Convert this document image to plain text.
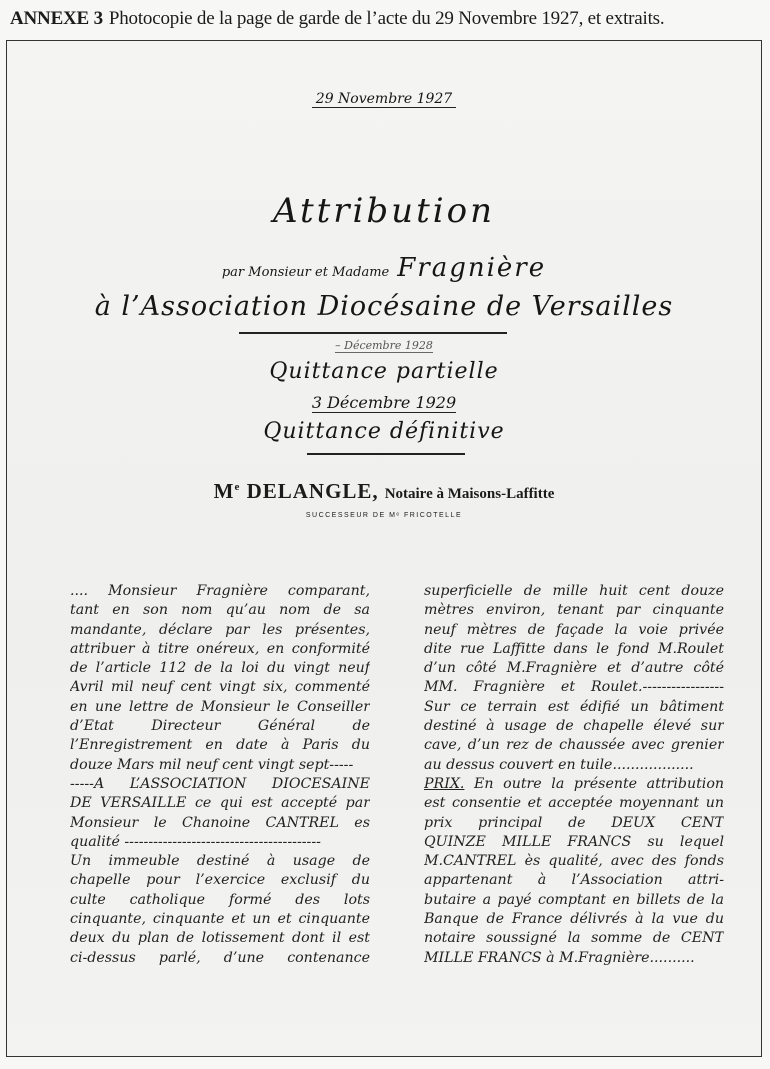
ANNEXE 3 Photocopie de la page de garde de l’acte du 29 Novembre 1927, et extraits.
29 Novembre 1927
Attribution
par Monsieur et Madame Fragnière
à l’Association Diocésaine de Versailles
– Décembre 1928
Quittance partielle
3 Décembre 1929
Quittance définitive
Me DELANGLE, Notaire à Maisons-Laffitte
SUCCESSEUR DE Mᵉ FRICOTELLE
.... Monsieur Fragnière comparant,
tant en son nom qu’au nom de sa
mandante, déclare par les présentes,
attribuer à titre onéreux, en conformité
de l’article 112 de la loi du vingt neuf
Avril mil neuf cent vingt six, commenté
en une lettre de Monsieur le Conseiller
d’Etat Directeur Général de
l’Enregistrement en date à Paris du
douze Mars mil neuf cent vingt sept-----
-----A L’ASSOCIATION DIOCESAINE
DE VERSAILLE ce qui est accepté par
Monsieur le Chanoine CANTREL es
qualité -----------------------------------------
Un immeuble destiné à usage de
chapelle pour l’exercice exclusif du
culte catholique formé des lots
cinquante, cinquante et un et cinquante
deux du plan de lotissement dont il est
ci-dessus parlé, d’une contenance
superficielle de mille huit cent douze
mètres environ, tenant par cinquante
neuf mètres de façade la voie privée
dite rue Laffitte dans le fond M.Roulet
d’un côté M.Fragnière et d’autre côté
MM. Fragnière et Roulet.-----------------
Sur ce terrain est édifié un bâtiment
destiné à usage de chapelle élevé sur
cave, d’un rez de chaussée avec grenier
au dessus couvert en tuile..................
PRIX. En outre la présente attribution
est consentie et acceptée moyennant un
prix principal de DEUX CENT
QUINZE MILLE FRANCS su lequel
M.CANTREL ès qualité, avec des fonds
appartenant à l’Association attri-
butaire a payé comptant en billets de la
Banque de France délivrés à la vue du
notaire soussigné la somme de CENT
MILLE FRANCS à M.Fragnière..........
